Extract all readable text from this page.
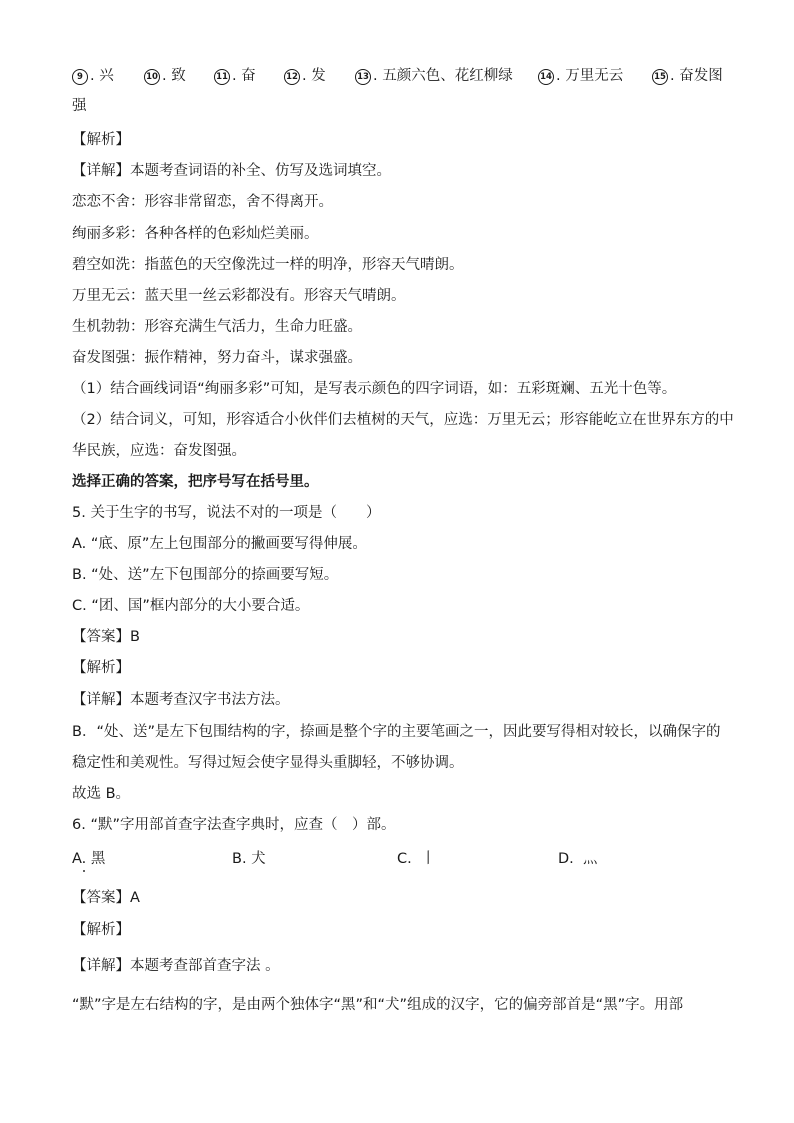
9 . 兴	10 . 致	11 . 奋	12 . 发	13 . 五颜六色、花红柳绿	14 . 万里无云	15 . 奋发图
强
【解析】
【详解】本题考查词语的补全、仿写及选词填空。
恋恋不舍：形容非常留恋，舍不得离开。
绚丽多彩：各种各样的色彩灿烂美丽。
碧空如洗：指蓝色的天空像洗过一样的明净，形容天气晴朗。
万里无云：蓝天里一丝云彩都没有。形容天气晴朗。
生机勃勃：形容充满生气活力，生命力旺盛。
奋发图强：振作精神，努力奋斗，谋求强盛。
（1）结合画线词语“绚丽多彩”可知，是写表示颜色的四字词语，如：五彩斑斓、五光十色等。
（2）结合词义，可知，形容适合小伙伴们去植树的天气，应选：万里无云；形容能屹立在世界东方的中
华民族，应选：奋发图强。
选择正确的答案，把序号写在括号里。
5. 关于生字的书写，说法不对的一项是（　　）
A. “底、原”左上包围部分的撇画要写得伸展。
B. “处、送”左下包围部分的捺画要写短。
C. “团、国”框内部分的大小要合适。
【答案】B
【解析】
【详解】本题考查汉字书法方法。
B．“处、送”是左下包围结构的字，捺画是整个字的主要笔画之一，因此要写得相对较长，以确保字的
稳定性和美观性。写得过短会使字显得头重脚轻，不够协调。
故选 B。
6. “默”字用部首查字法查字典时，应查（　）部。
A. 黑	B. 犬	C. 丨	D. 灬
【答案】A
【解析】
【详解】本题考查部首查字法 。
“默”字是左右结构的字，是由两个独体字“黑”和“犬”组成的汉字，它的偏旁部首是“黑”字。用部
